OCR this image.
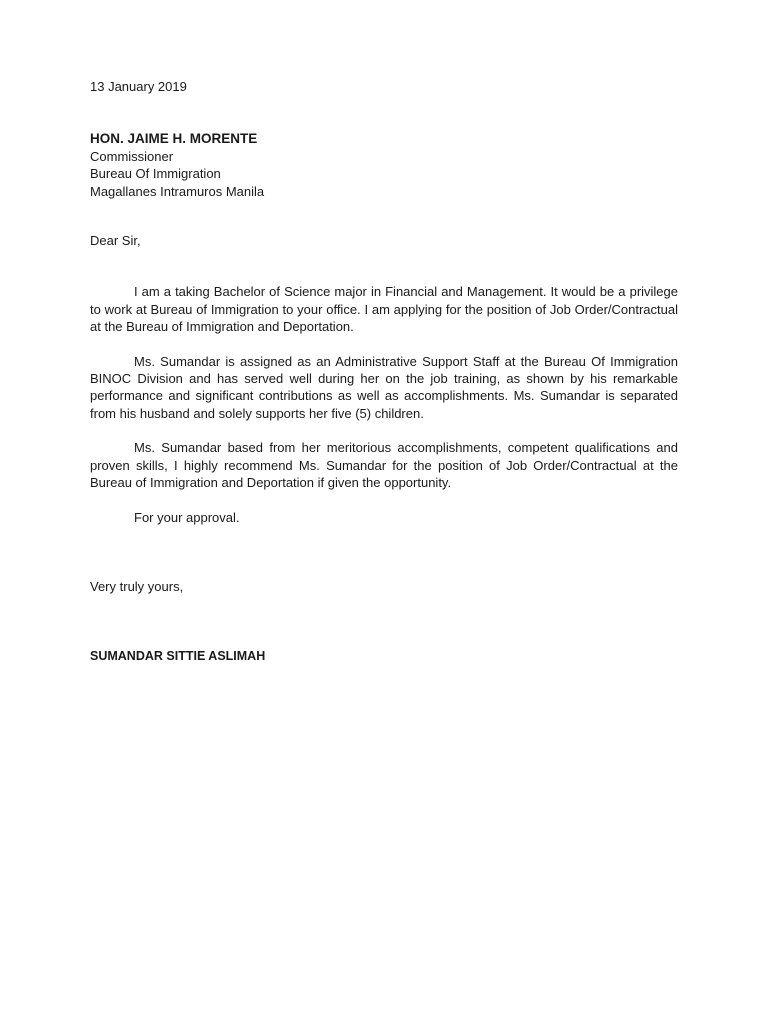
13 January 2019

HON. JAIME H. MORENTE

Commissioner

Bureau Of Immigration

Magallanes Intramuros Manila

Dear Sir,

I am a taking Bachelor of Science major in Financial and Management. It would be a privilege to work at Bureau of Immigration to your office. I am applying for the position of Job Order/Contractual at the Bureau of Immigration and Deportation.

Ms. Sumandar is assigned as an Administrative Support Staff at the Bureau Of Immigration BINOC Division and has served well during her on the job training, as shown by his remarkable performance and significant contributions as well as accomplishments. Ms. Sumandar is separated from his husband and solely supports her five (5) children.

Ms. Sumandar based from her meritorious accomplishments, competent qualifications and proven skills, I highly recommend Ms. Sumandar for the position of Job Order/Contractual at the Bureau of Immigration and Deportation if given the opportunity.

For your approval.

Very truly yours,

SUMANDAR SITTIE ASLIMAH
